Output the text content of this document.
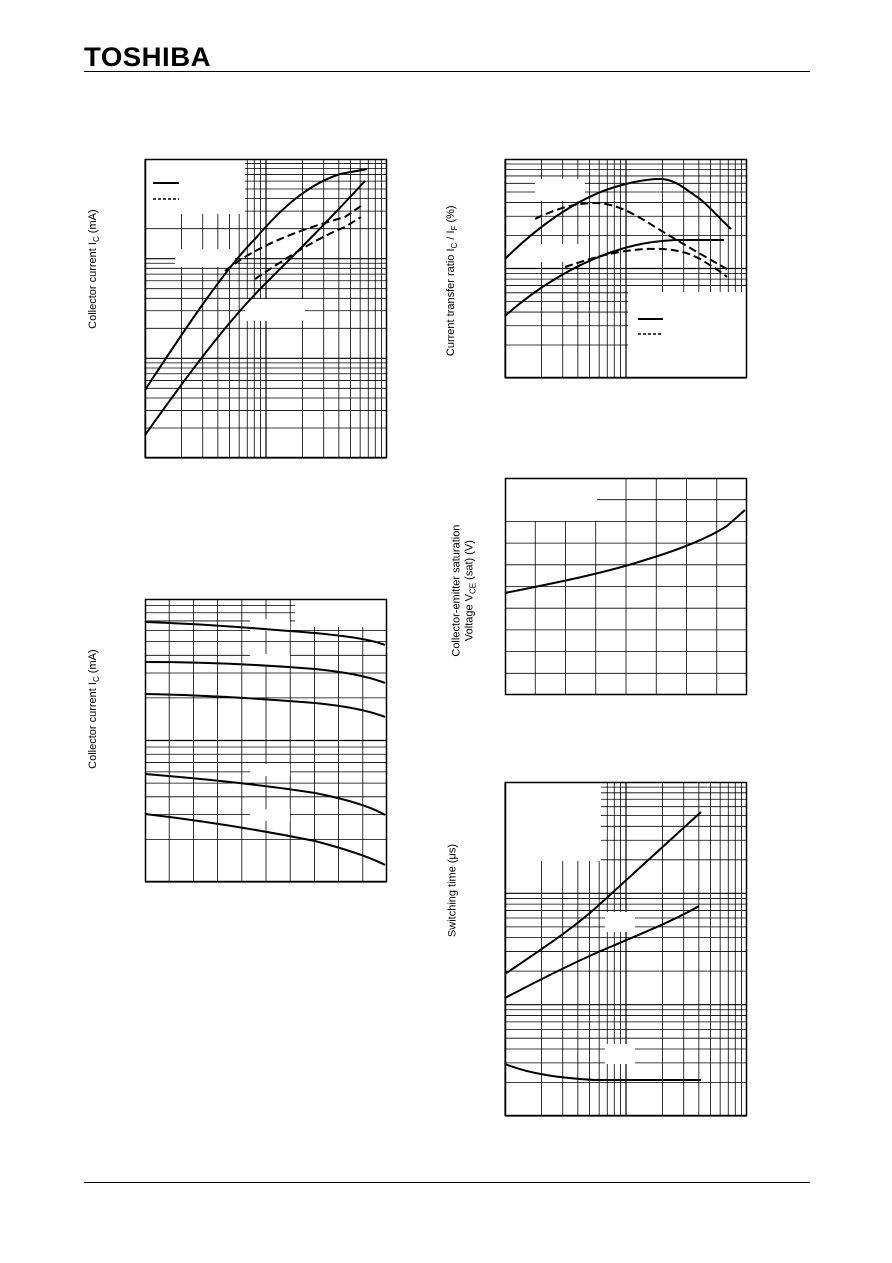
TOSHIBA
Collector current $I_C$ (mA)
Current transfer ratio $I_C / I_F$ (%)
Collector current $I_C$ (mA)
Collector-emitter saturation Voltage $V_{CE}$ (sat) (V)
Switching time (μs)
